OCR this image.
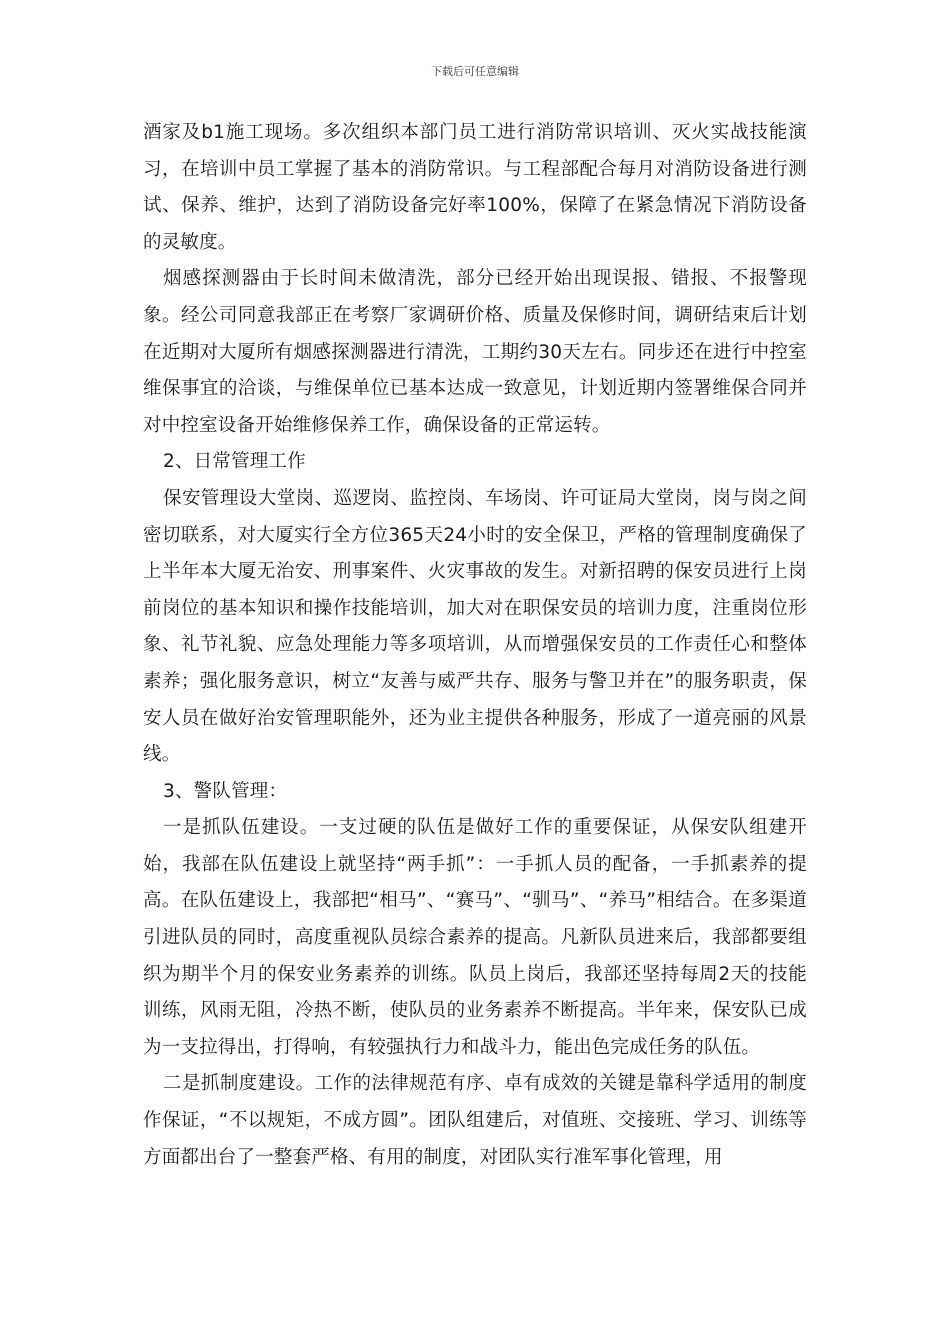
下载后可任意编辑

酒家及b1施工现场。多次组织本部门员工进行消防常识培训、灭火实战技能演习，在培训中员工掌握了基本的消防常识。与工程部配合每月对消防设备进行测试、保养、维护，达到了消防设备完好率100%，保障了在紧急情况下消防设备的灵敏度。

烟感探测器由于长时间未做清洗，部分已经开始出现误报、错报、不报警现象。经公司同意我部正在考察厂家调研价格、质量及保修时间，调研结束后计划在近期对大厦所有烟感探测器进行清洗，工期约30天左右。同步还在进行中控室维保事宜的洽谈，与维保单位已基本达成一致意见，计划近期内签署维保合同并对中控室设备开始维修保养工作，确保设备的正常运转。

2、日常管理工作

保安管理设大堂岗、巡逻岗、监控岗、车场岗、许可证局大堂岗，岗与岗之间密切联系，对大厦实行全方位365天24小时的安全保卫，严格的管理制度确保了上半年本大厦无治安、刑事案件、火灾事故的发生。对新招聘的保安员进行上岗前岗位的基本知识和操作技能培训，加大对在职保安员的培训力度，注重岗位形象、礼节礼貌、应急处理能力等多项培训，从而增强保安员的工作责任心和整体素养；强化服务意识，树立“友善与威严共存、服务与警卫并在”的服务职责，保安人员在做好治安管理职能外，还为业主提供各种服务，形成了一道亮丽的风景线。

3、警队管理：

一是抓队伍建设。一支过硬的队伍是做好工作的重要保证，从保安队组建开始，我部在队伍建设上就坚持“两手抓”：一手抓人员的配备，一手抓素养的提高。在队伍建设上，我部把“相马”、“赛马”、“驯马”、“养马”相结合。在多渠道引进队员的同时，高度重视队员综合素养的提高。凡新队员进来后，我部都要组织为期半个月的保安业务素养的训练。队员上岗后，我部还坚持每周2天的技能训练，风雨无阻，冷热不断，使队员的业务素养不断提高。半年来，保安队已成为一支拉得出，打得响，有较强执行力和战斗力，能出色完成任务的队伍。

二是抓制度建设。工作的法律规范有序、卓有成效的关键是靠科学适用的制度作保证，“不以规矩，不成方圆”。团队组建后，对值班、交接班、学习、训练等方面都出台了一整套严格、有用的制度，对团队实行准军事化管理，用
